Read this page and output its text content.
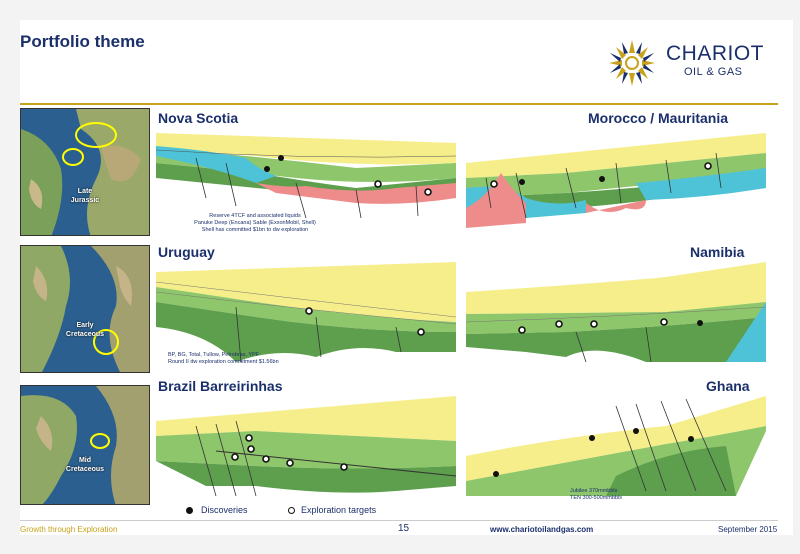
Portfolio theme
CHARIOT
OIL & GAS
Late
Jurassic
Early
Cretaceous
Mid
Cretaceous
Nova Scotia	Morocco / Mauritania
Uruguay	Namibia
Brazil Barreirinhas	Ghana
Reserve 4TCF and associated liquids
Panuke Deep (Encana) Sable (ExxonMobil, Shell)
Shell has committed $1bn to dw exploration
BP, BG, Total, Tullow, Petrobras, YPF
Round II dw exploration commitment $1.56bn
Jubilee 370mmbbls
TEN 300-500mmbbls
Discoveries	Exploration targets
Growth through Exploration	15	www.chariotoilandgas.com	September 2015
